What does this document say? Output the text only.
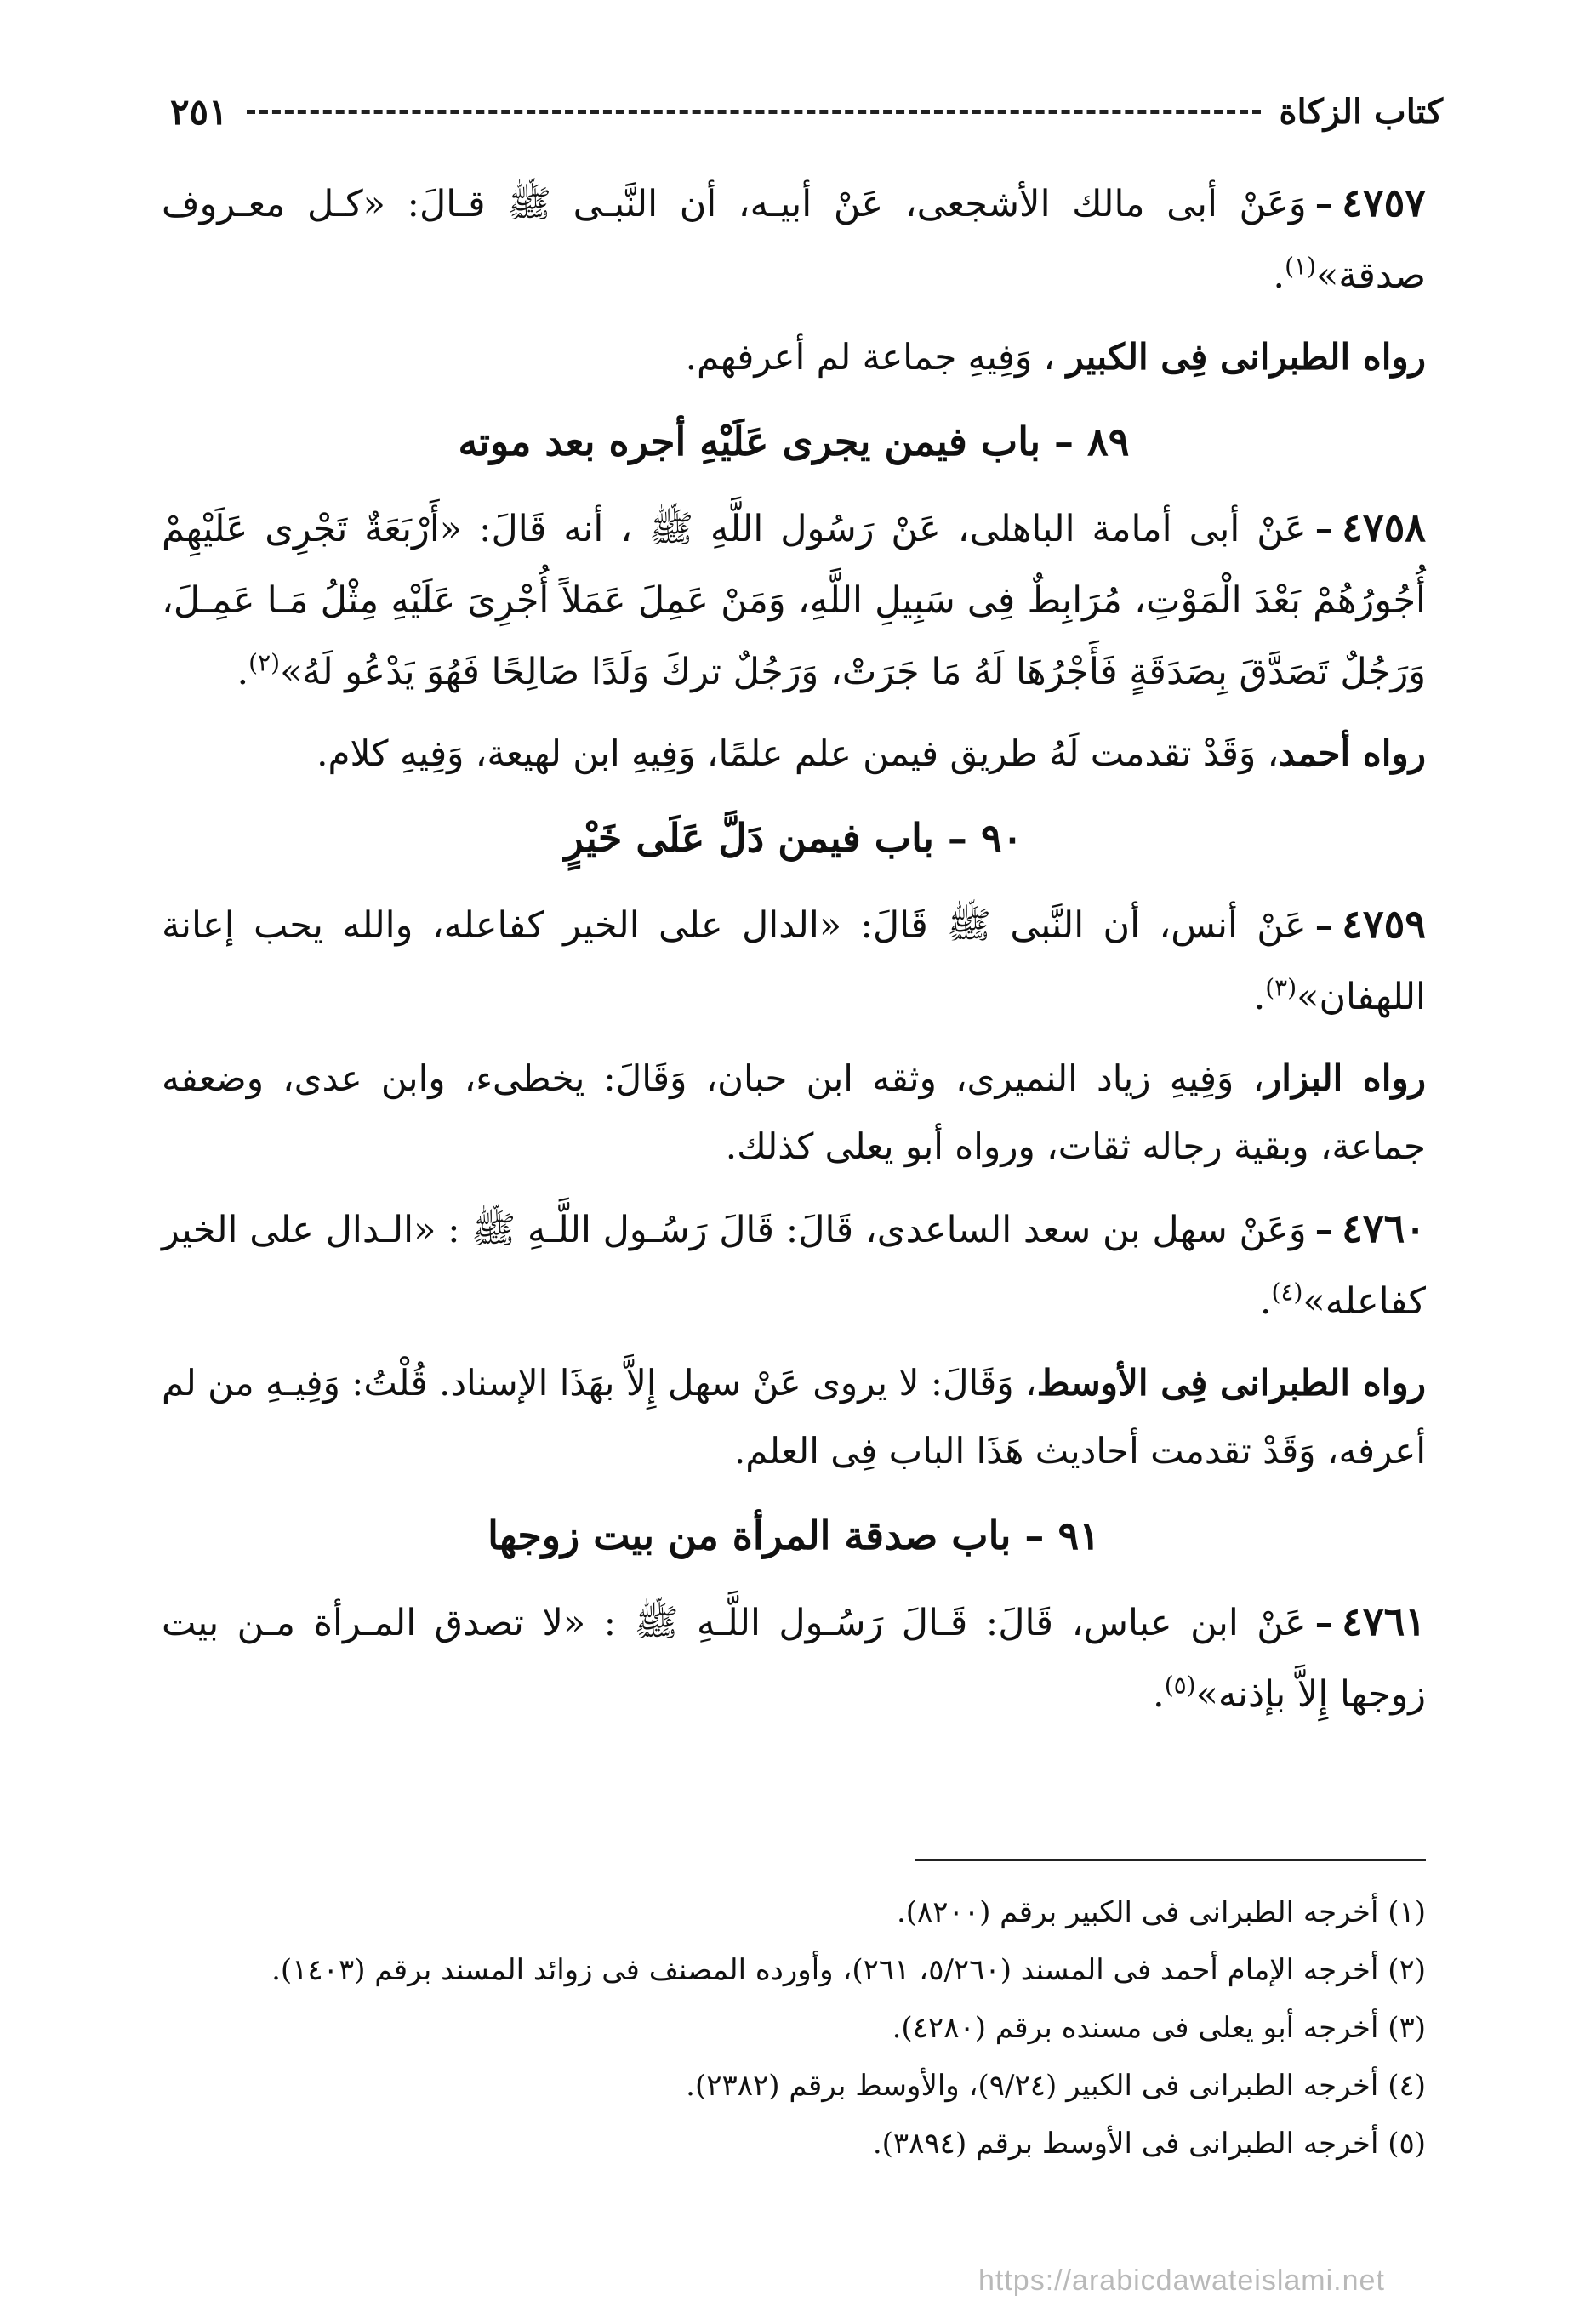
كتاب الزكاة
٢٥١

٤٧٥٧–وَعَنْ أبى مالك الأشجعى، عَنْ أبيـه، أن النَّبـى ﷺ قـالَ: «كـل معـروف صدقة»$^{(١)}$.

رواه الطبرانى فِى الكبير ، وَفِيهِ جماعة لم أعرفهم.

٨٩ – باب فيمن يجرى عَلَيْهِ أجره بعد موته

٤٧٥٨–عَنْ أبى أمامة الباهلى، عَنْ رَسُول اللَّهِ ﷺ ، أنه قَالَ: «أَرْبَعَةٌ تَجْرِى عَلَيْهِمْ أُجُورُهُمْ بَعْدَ الْمَوْتِ، مُرَابِطٌ فِى سَبِيلِ اللَّهِ، وَمَنْ عَمِلَ عَمَلاً أُجْرِىَ عَلَيْهِ مِثْلُ مَـا عَمِـلَ، وَرَجُلٌ تَصَدَّقَ بِصَدَقَةٍ فَأَجْرُهَا لَهُ مَا جَرَتْ، وَرَجُلٌ تركَ وَلَدًا صَالِحًا فَهُوَ يَدْعُو لَهُ»$^{(٢)}$.

رواه أحمد، وَقَدْ تقدمت لَهُ طريق فيمن علم علمًا، وَفِيهِ ابن لهيعة، وَفِيهِ كلام.

٩٠ – باب فيمن دَلَّ عَلَى خَيْرٍ

٤٧٥٩–عَنْ أنس، أن النَّبى ﷺ قَالَ: «الدال على الخير كفاعله، والله يحب إعانة اللهفان»$^{(٣)}$.

رواه البزار، وَفِيهِ زياد النميرى، وثقه ابن حبان، وَقَالَ: يخطىء، وابن عدى، وضعفه جماعة، وبقية رجاله ثقات، ورواه أبو يعلى كذلك.

٤٧٦٠–وَعَنْ سهل بن سعد الساعدى، قَالَ: قَالَ رَسُـول اللَّـهِ ﷺ : «الـدال على الخير كفاعله»$^{(٤)}$.

رواه الطبرانى فِى الأوسط، وَقَالَ: لا يروى عَنْ سهل إِلاَّ بهَذَا الإسناد. قُلْتُ: وَفِيـهِ من لم أعرفه، وَقَدْ تقدمت أحاديث هَذَا الباب فِى العلم.

٩١ – باب صدقة المرأة من بيت زوجها

٤٧٦١–عَنْ ابن عباس، قَالَ: قَـالَ رَسُـول اللَّـهِ ﷺ : «لا تصدق المـرأة مـن بيت زوجها إِلاَّ بإذنه»$^{(٥)}$.

(١) أخرجه الطبرانى فى الكبير برقم (٨٢٠٠).

(٢) أخرجه الإمام أحمد فى المسند (٥/٢٦٠، ٢٦١)، وأورده المصنف فى زوائد المسند برقم (١٤٠٣).

(٣) أخرجه أبو يعلى فى مسنده برقم (٤٢٨٠).

(٤) أخرجه الطبرانى فى الكبير (٩/٢٤)، والأوسط برقم (٢٣٨٢).

(٥) أخرجه الطبرانى فى الأوسط برقم (٣٨٩٤).

https://arabicdawateislami.net
